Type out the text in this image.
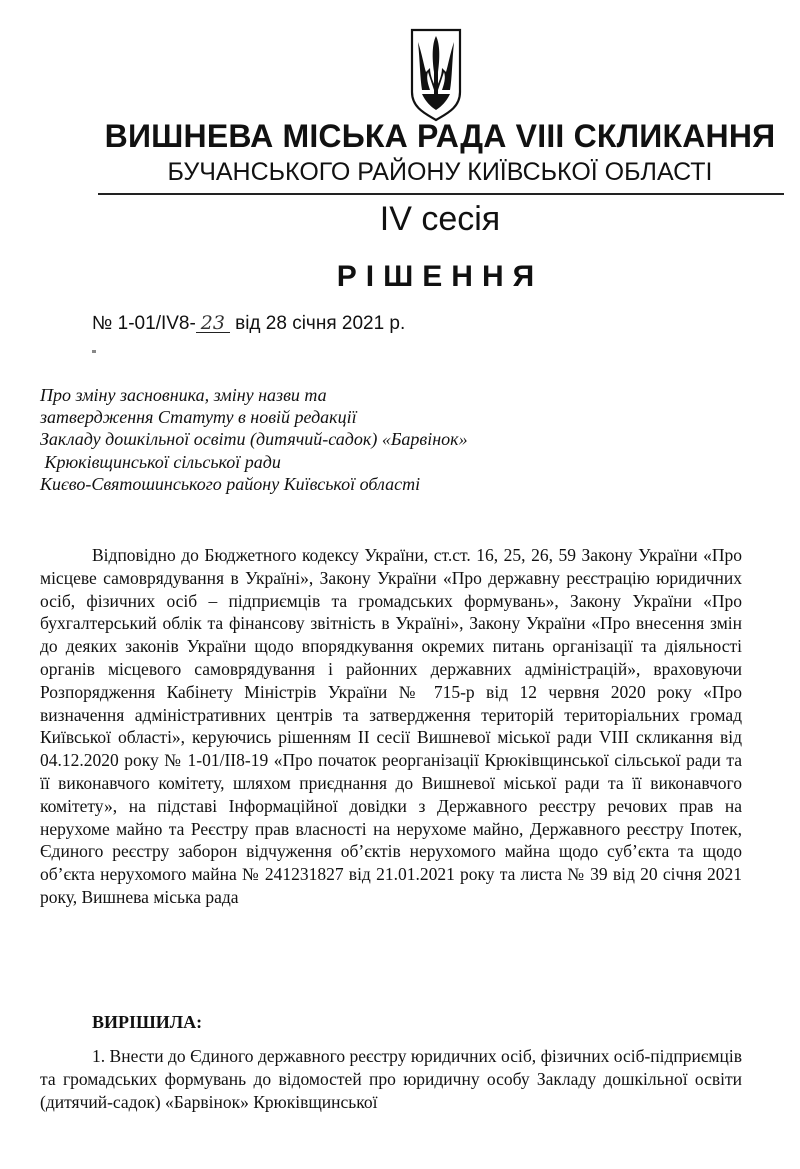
ВИШНЕВА МІСЬКА РАДА VIII СКЛИКАННЯ
БУЧАНСЬКОГО РАЙОНУ КИЇВСЬКОЇ ОБЛАСТІ
IV сесія
РІШЕННЯ
№ 1-01/IV8- 23 від 28 січня 2021 р.
Про зміну засновника, зміну назви та
затвердження Статуту в новій редакції
Закладу дошкільної освіти (дитячий-садок) «Барвінок»
Крюківщинської сільської ради
Києво-Святошинського району Київської області

Відповідно до Бюджетного кодексу України, ст.ст. 16, 25, 26, 59 Закону України «Про місцеве самоврядування в Україні», Закону України «Про державну реєстрацію юридичних осіб, фізичних осіб – підприємців та громадських формувань», Закону України «Про бухгалтерський облік та фінансову звітність в Україні», Закону України «Про внесення змін до деяких законів України щодо впорядкування окремих питань організації та діяльності органів місцевого самоврядування і районних державних адміністрацій», враховуючи Розпорядження Кабінету Міністрів України № 715-р від 12 червня 2020 року «Про визначення адміністративних центрів та затвердження територій територіальних громад Київської області», керуючись рішенням ІІ сесії Вишневої міської ради VIII скликання від 04.12.2020 року № 1-01/ІІ8-19 «Про початок реорганізації Крюківщинської сільської ради та її виконавчого комітету, шляхом приєднання до Вишневої міської ради та її виконавчого комітету», на підставі Інформаційної довідки з Державного реєстру речових прав на нерухоме майно та Реєстру прав власності на нерухоме майно, Державного реєстру Іпотек, Єдиного реєстру заборон відчуження об’єктів нерухомого майна щодо суб’єкта та щодо об’єкта нерухомого майна № 241231827 від 21.01.2021 року та листа № 39 від 20 січня 2021 року, Вишнева міська рада

ВИРІШИЛА:

1. Внести до Єдиного державного реєстру юридичних осіб, фізичних осіб-підприємців та громадських формувань до відомостей про юридичну особу Закладу дошкільної освіти (дитячий-садок) «Барвінок» Крюківщинської
